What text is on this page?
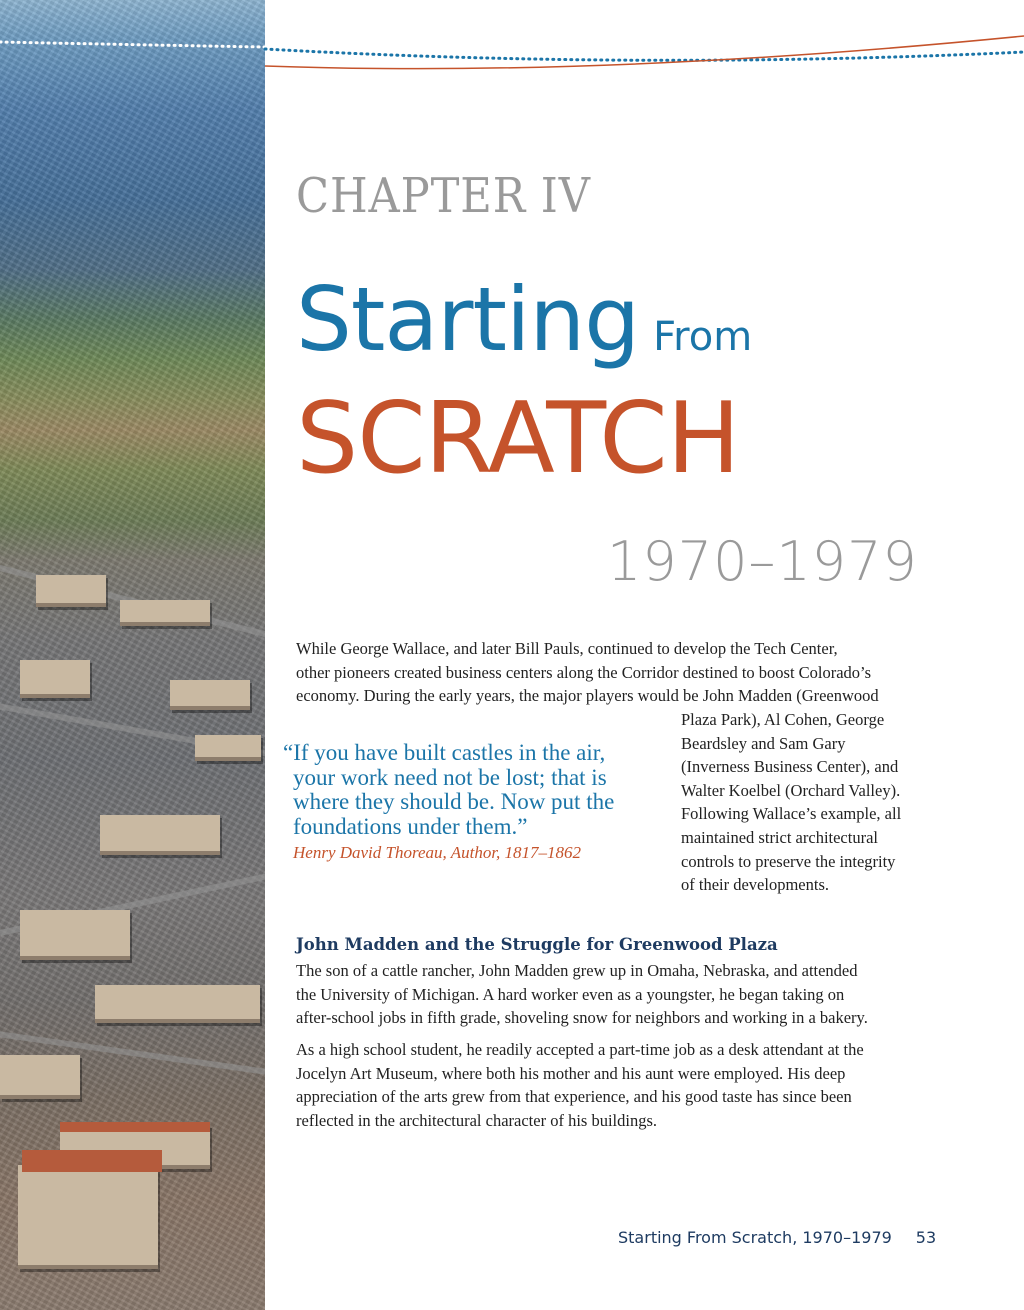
CHAPTER IV
Starting From
SCRATCH
1970–1979
While George Wallace, and later Bill Pauls, continued to develop the Tech Center,
other pioneers created business centers along the Corridor destined to boost Colorado’s
economy. During the early years, the major players would be John Madden (Greenwood
Plaza Park), Al Cohen, George
Beardsley and Sam Gary
(Inverness Business Center), and
Walter Koelbel (Orchard Valley).
Following Wallace’s example, all
maintained strict architectural
controls to preserve the integrity
of their developments.
“If you have built castles in the air,
your work need not be lost; that is
where they should be. Now put the
foundations under them.”
Henry David Thoreau, Author, 1817–1862
John Madden and the Struggle for Greenwood Plaza
The son of a cattle rancher, John Madden grew up in Omaha, Nebraska, and attended
the University of Michigan. A hard worker even as a youngster, he began taking on
after-school jobs in fifth grade, shoveling snow for neighbors and working in a bakery.
As a high school student, he readily accepted a part-time job as a desk attendant at the
Jocelyn Art Museum, where both his mother and his aunt were employed. His deep
appreciation of the arts grew from that experience, and his good taste has since been
reflected in the architectural character of his buildings.
Starting From Scratch, 1970–1979 53
